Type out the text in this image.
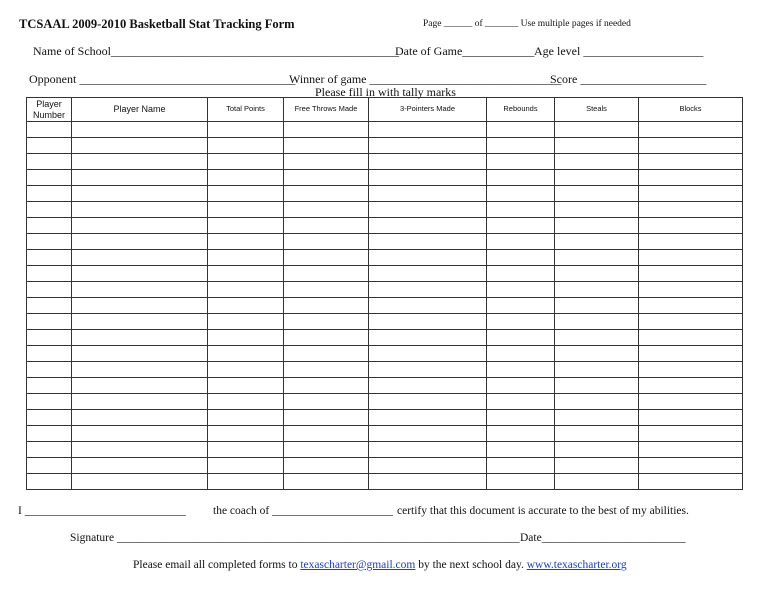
TCSAAL 2009-2010 Basketball Stat Tracking Form	Page ______ of _______ Use multiple pages if needed
Name of School________________________________________________
Date of Game____________ Age level ____________________
Opponent ____________________________________
Winner of game ________________________________
Score _____________________
Please fill in with tally marks
Player Number	Player Name	Total Points	Free Throws Made	3-Pointers Made	Rebounds	Steals	Blocks

I ____________________________ the coach of _____________________ certify that this document is accurate to the best of my abilities.
Signature ______________________________________________________________________ Date_________________________
Please email all completed forms to texascharter@gmail.com by the next school day. www.texascharter.org
